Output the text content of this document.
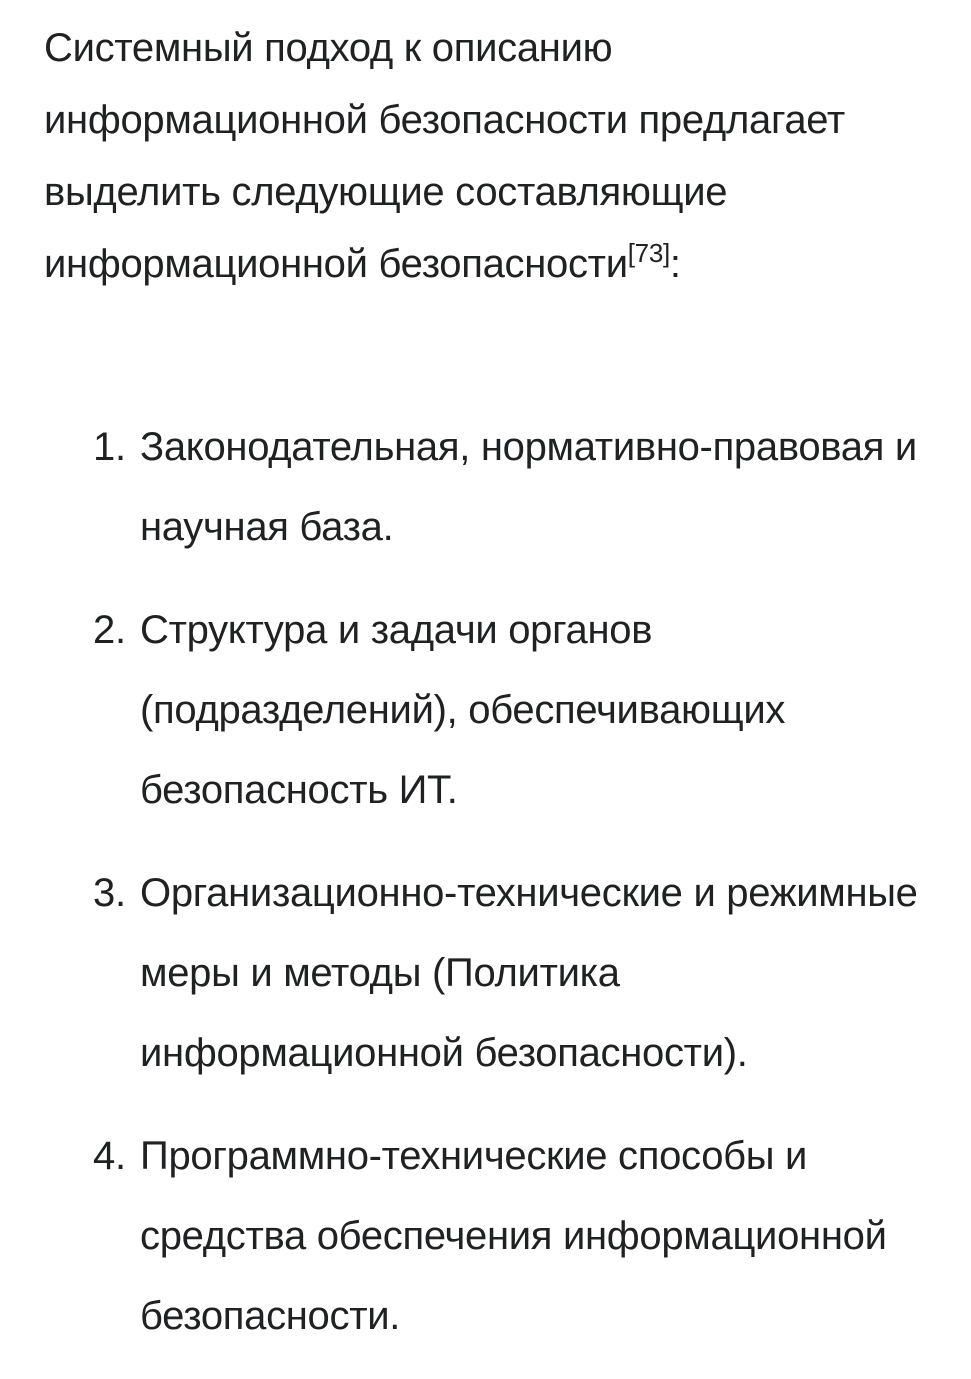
Системный подход к описанию информационной безопасности предлагает выделить следующие составляющие информационной безопасности[73]:

1. Законодательная, нормативно-правовая и научная база.
2. Структура и задачи органов (подразделений), обеспечивающих безопасность ИТ.
3. Организационно-технические и режимные меры и методы (Политика информационной безопасности).
4. Программно-технические способы и средства обеспечения информационной безопасности.
